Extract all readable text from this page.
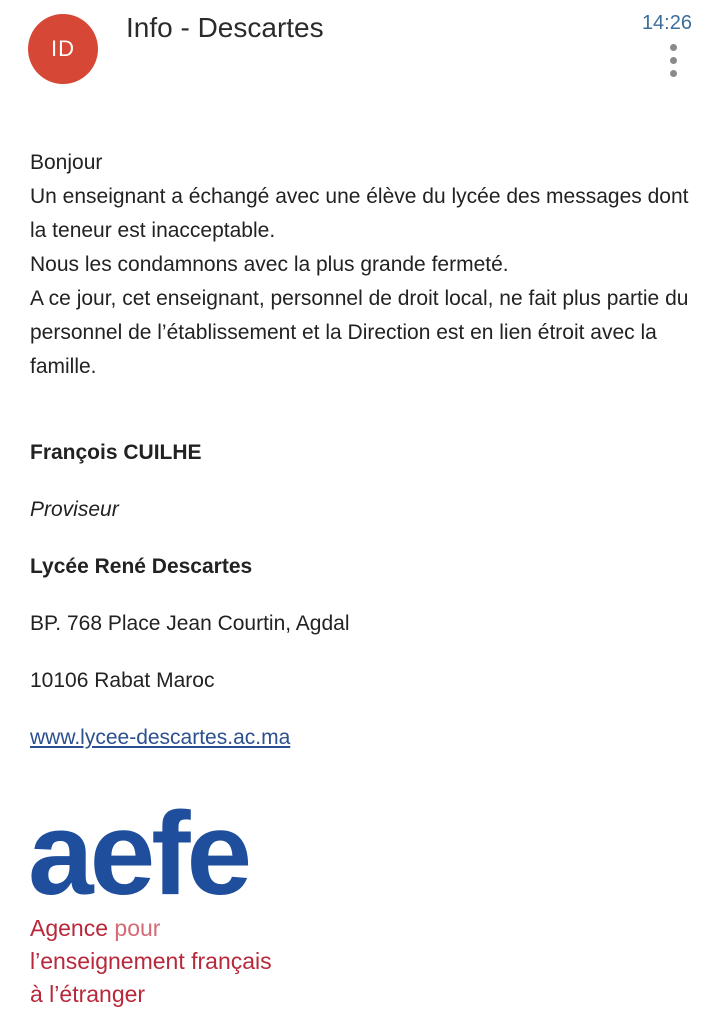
ID
Info - Descartes	14:26

Bonjour

Un enseignant a échangé avec une élève du lycée des messages dont la teneur est inacceptable.

Nous les condamnons avec la plus grande fermeté.

A ce jour, cet enseignant, personnel de droit local, ne fait plus partie du personnel de l’établissement et la Direction est en lien étroit avec la famille.

François CUILHE

Proviseur

Lycée René Descartes

BP. 768 Place Jean Courtin, Agdal

10106 Rabat Maroc

www.lycee-descartes.ac.ma
aefe
Agence pour
l’enseignement français
à l’étranger
